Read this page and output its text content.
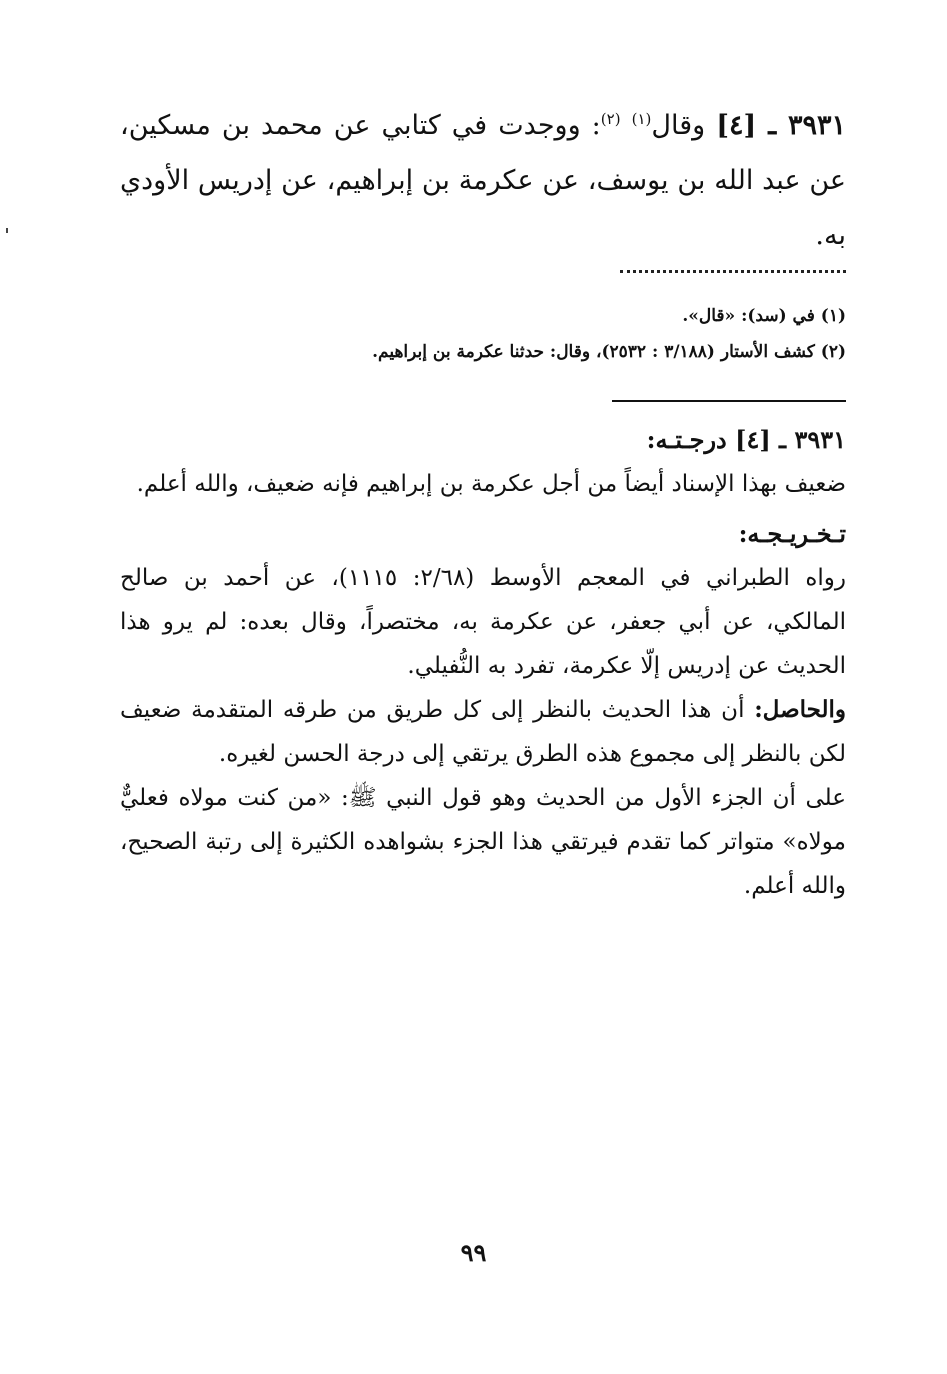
٣٩٣١ ـ [٤] وقال$^{(١)}$ $^{(٢)}$: ووجدت في كتابي عن محمد بن مسكين، عن عبد الله بن يوسف، عن عكرمة بن إبراهيم، عن إدريس الأودي به.
(١) في (سد): «قال».
(٢) كشف الأستار (٣/١٨٨ : ٢٥٣٢)، وقال: حدثنا عكرمة بن إبراهيم.
٣٩٣١ ـ [٤] درجـتـه:
ضعيف بهذا الإسناد أيضاً من أجل عكرمة بن إبراهيم فإنه ضعيف، والله أعلم.
تـخـريـجـه:
رواه الطبراني في المعجم الأوسط (٢/٦٨: ١١١٥)، عن أحمد بن صالح المالكي، عن أبي جعفر، عن عكرمة به، مختصراً، وقال بعده: لم يرو هذا الحديث عن إدريس إلّا عكرمة، تفرد به النُّفيلي.
والحاصل: أن هذا الحديث بالنظر إلى كل طريق من طرقه المتقدمة ضعيف لكن بالنظر إلى مجموع هذه الطرق يرتقي إلى درجة الحسن لغيره.
على أن الجزء الأول من الحديث وهو قول النبي ﷺ: «من كنت مولاه فعليٌّ مولاه» متواتر كما تقدم فيرتقي هذا الجزء بشواهده الكثيرة إلى رتبة الصحيح، والله أعلم.
٩٩
